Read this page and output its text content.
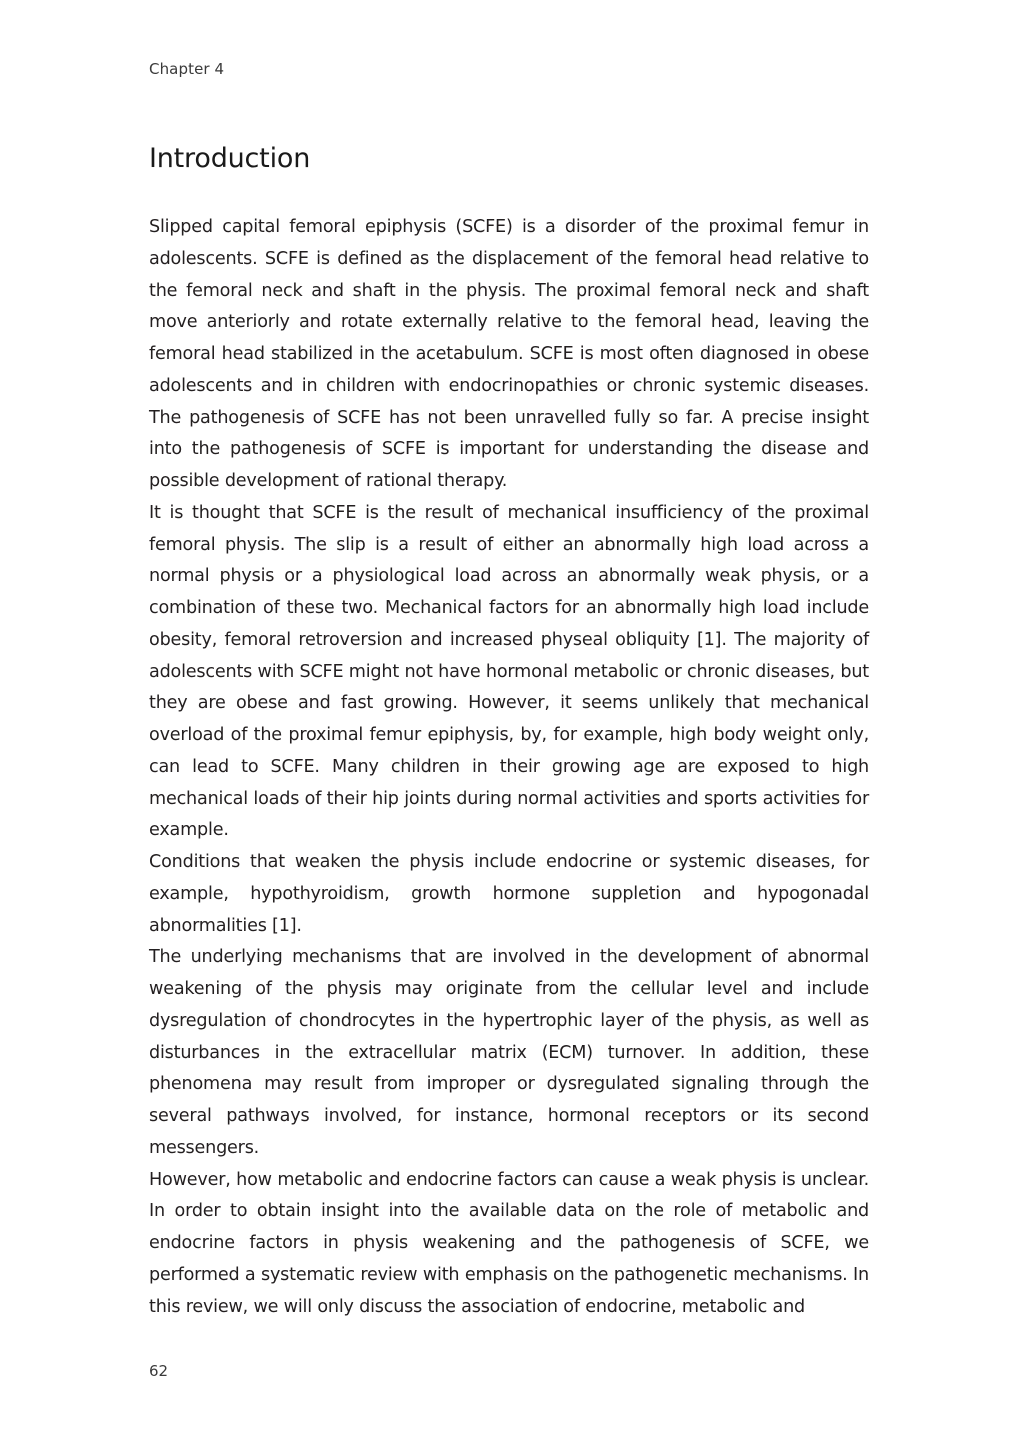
Chapter 4
Introduction

Slipped capital femoral epiphysis (SCFE) is a disorder of the proximal femur in adolescents. SCFE is defined as the displacement of the femoral head relative to the femoral neck and shaft in the physis. The proximal femoral neck and shaft move anteriorly and rotate externally relative to the femoral head, leaving the femoral head stabilized in the acetabulum. SCFE is most often diagnosed in obese adolescents and in children with endocrinopathies or chronic systemic diseases. The pathogenesis of SCFE has not been unravelled fully so far. A precise insight into the pathogenesis of SCFE is important for understanding the disease and possible development of rational therapy.

It is thought that SCFE is the result of mechanical insufficiency of the proximal femoral physis. The slip is a result of either an abnormally high load across a normal physis or a physiological load across an abnormally weak physis, or a combination of these two. Mechanical factors for an abnormally high load include obesity, femoral retroversion and increased physeal obliquity [1]. The majority of adolescents with SCFE might not have hormonal metabolic or chronic diseases, but they are obese and fast growing. However, it seems unlikely that mechanical overload of the proximal femur epiphysis, by, for example, high body weight only, can lead to SCFE. Many children in their growing age are exposed to high mechanical loads of their hip joints during normal activities and sports activities for example.

Conditions that weaken the physis include endocrine or systemic diseases, for example, hypothyroidism, growth hormone suppletion and hypogonadal abnormalities [1].

The underlying mechanisms that are involved in the development of abnormal weakening of the physis may originate from the cellular level and include dysregulation of chondrocytes in the hypertrophic layer of the physis, as well as disturbances in the extracellular matrix (ECM) turnover. In addition, these phenomena may result from improper or dysregulated signaling through the several pathways involved, for instance, hormonal receptors or its second messengers.

However, how metabolic and endocrine factors can cause a weak physis is unclear. In order to obtain insight into the available data on the role of metabolic and endocrine factors in physis weakening and the pathogenesis of SCFE, we performed a systematic review with emphasis on the pathogenetic mechanisms. In this review, we will only discuss the association of endocrine, metabolic and

62
